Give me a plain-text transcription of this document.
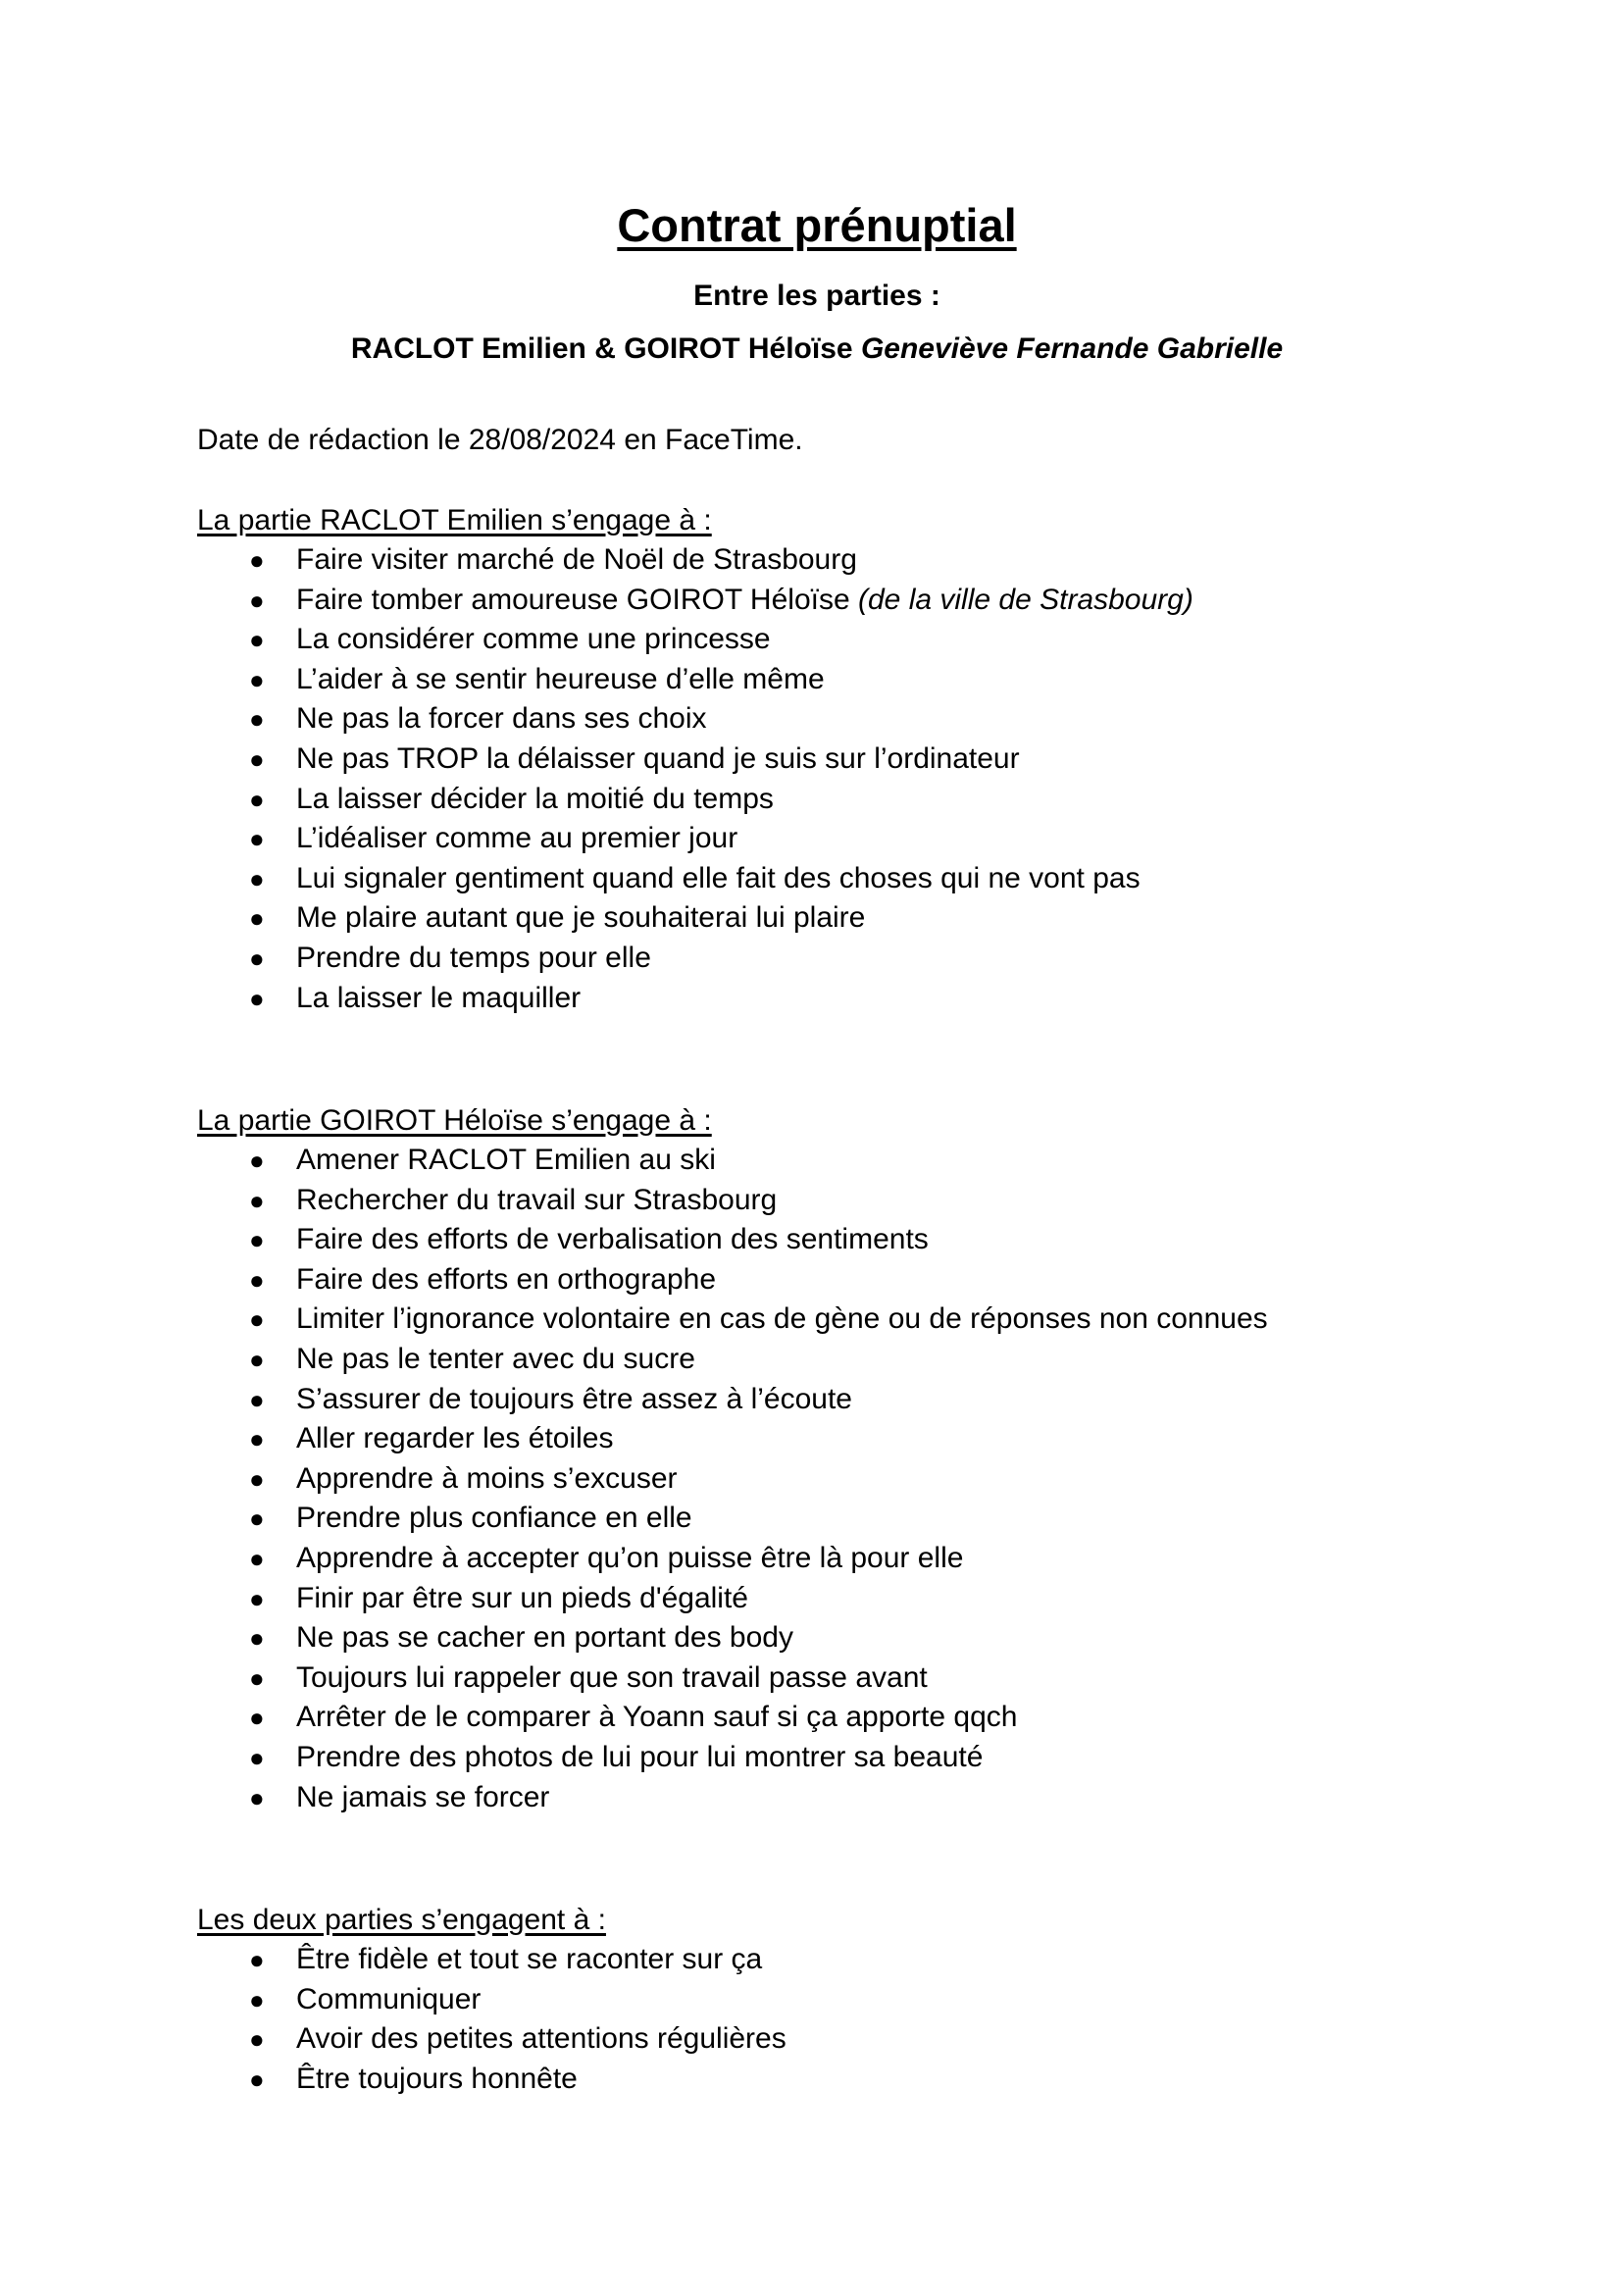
Contrat prénuptial
Entre les parties :
RACLOT Emilien & GOIROT Héloïse Geneviève Fernande Gabrielle
Date de rédaction le 28/08/2024 en FaceTime.
La partie RACLOT Emilien s’engage à :
● Faire visiter marché de Noël de Strasbourg
● Faire tomber amoureuse GOIROT Héloïse (de la ville de Strasbourg)
● La considérer comme une princesse
● L’aider à se sentir heureuse d’elle même
● Ne pas la forcer dans ses choix
● Ne pas TROP la délaisser quand je suis sur l’ordinateur
● La laisser décider la moitié du temps
● L’idéaliser comme au premier jour
● Lui signaler gentiment quand elle fait des choses qui ne vont pas
● Me plaire autant que je souhaiterai lui plaire
● Prendre du temps pour elle
● La laisser le maquiller
La partie GOIROT Héloïse s’engage à :
● Amener RACLOT Emilien au ski
● Rechercher du travail sur Strasbourg
● Faire des efforts de verbalisation des sentiments
● Faire des efforts en orthographe
● Limiter l’ignorance volontaire en cas de gène ou de réponses non connues
● Ne pas le tenter avec du sucre
● S’assurer de toujours être assez à l’écoute
● Aller regarder les étoiles
● Apprendre à moins s’excuser
● Prendre plus confiance en elle
● Apprendre à accepter qu’on puisse être là pour elle
● Finir par être sur un pieds d'égalité
● Ne pas se cacher en portant des body
● Toujours lui rappeler que son travail passe avant
● Arrêter de le comparer à Yoann sauf si ça apporte qqch
● Prendre des photos de lui pour lui montrer sa beauté
● Ne jamais se forcer
Les deux parties s’engagent à :
● Être fidèle et tout se raconter sur ça
● Communiquer
● Avoir des petites attentions régulières
● Être toujours honnête
